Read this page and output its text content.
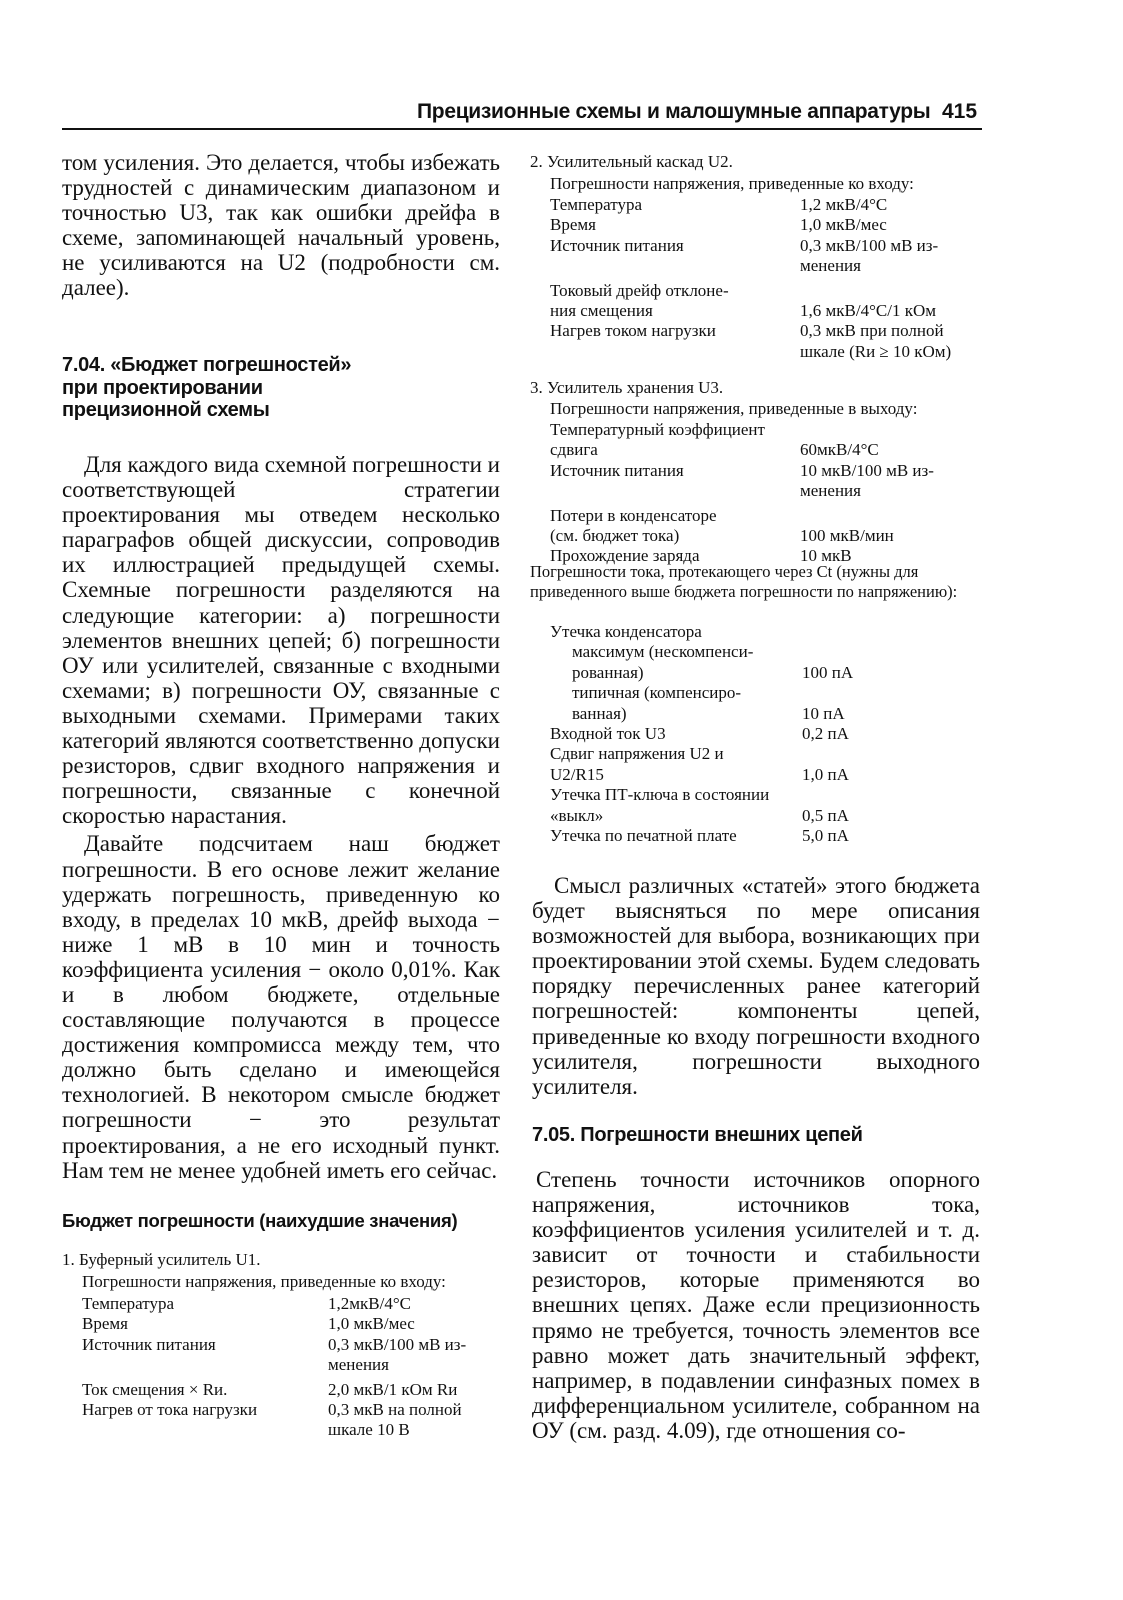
Прецизионные схемы и малошумные аппаратуры 415
том усиления. Это делается, чтобы избежать трудностей с динамическим диапазоном и точностью U3, так как ошибки дрейфа в схеме, запоминающей начальный уровень, не усиливаются на U2 (подробности см. далее).
7.04. «Бюджет погрешностей» при проектировании прецизионной схемы

Для каждого вида схемной погрешности и соответствующей стратегии проектирования мы отведем несколько параграфов общей дискуссии, сопроводив их иллюстрацией предыдущей схемы. Схемные погрешности разделяются на следующие категории: а) погрешности элементов внешних цепей; б) погрешности ОУ или усилителей, связанные с входными схемами; в) погрешности ОУ, связанные с выходными схемами. Примерами таких категорий являются соответственно допуски резисторов, сдвиг входного напряжения и погрешности, связанные с конечной скоростью нарастания.

Давайте подсчитаем наш бюджет погрешности. В его основе лежит желание удержать погрешность, приведенную ко входу, в пределах 10 мкВ, дрейф выхода − ниже 1 мВ в 10 мин и точность коэффициента усиления − около 0,01%. Как и в любом бюджете, отдельные составляющие получаются в процессе достижения компромисса между тем, что должно быть сделано и имеющейся технологией. В некотором смысле бюджет погрешности − это результат проектирования, а не его исходный пункт. Нам тем не менее удобней иметь его сейчас.

Бюджет погрешности (наихудшие значения)
1. Буферный усилитель U1.
Погрешности напряжения, приведенные ко входу:
Температура	1,2мкВ/4°С
Время	1,0 мкВ/мес
Источник питания	0,3 мкВ/100 мВ из-
менения
Ток смещения × Rи.	2,0 мкВ/1 кОм Rи
Нагрев от тока нагрузки	0,3 мкВ на полной
шкале 10 В
2. Усилительный каскад U2.
Погрешности напряжения, приведенные ко входу:
Температура	1,2 мкВ/4°С
Время	1,0 мкВ/мес
Источник питания	0,3 мкВ/100 мВ из-
менения
Токовый дрейф отклоне-
ния смещения	1,6 мкВ/4°С/1 кОм
Нагрев током нагрузки	0,3 мкВ при полной
шкале (Rи ≥ 10 кОм)
3. Усилитель хранения U3.
Погрешности напряжения, приведенные в выходу:
Температурный коэффициент
сдвига	60мкВ/4°С
Источник питания	10 мкВ/100 мВ из-
менения
Потери в конденсаторе
(см. бюджет тока)	100 мкВ/мин
Прохождение заряда	10 мкВ
Погрешности тока, протекающего через Ct (нужны для приведенного выше бюджета погрешности по напряжению):
Утечка конденсатора
максимум (нескомпенси-
рованная)	100 пА
типичная (компенсиро-
ванная)	10 пА
Входной ток U3	0,2 пА
Сдвиг напряжения U2 и
U2/R15	1,0 пА
Утечка ПТ-ключа в состоянии
«выкл»	0,5 пА
Утечка по печатной плате	5,0 пА
Смысл различных «статей» этого бюджета будет выясняться по мере описания возможностей для выбора, возникающих при проектировании этой схемы. Будем следовать порядку перечисленных ранее категорий погрешностей: компоненты цепей, приведенные ко входу погрешности входного усилителя, погрешности выходного усилителя.
7.05. Погрешности внешних цепей
Степень точности источников опорного напряжения, источников тока, коэффициентов усиления усилителей и т. д. зависит от точности и стабильности резисторов, которые применяются во внешних цепях. Даже если прецизионность прямо не требуется, точность элементов все равно может дать значительный эффект, например, в подавлении синфазных помех в дифференциальном усилителе, собранном на ОУ (см. разд. 4.09), где отношения со-
